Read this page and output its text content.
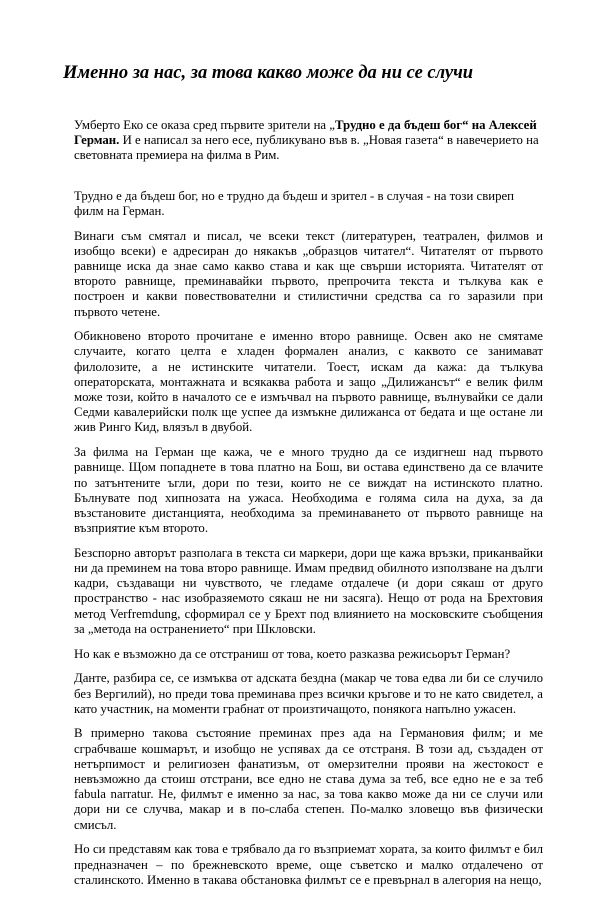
Именно за нас, за това какво може да ни се случи

Умберто Еко се оказа сред първите зрители на „Трудно е да бъдеш бог“ на Алексей Герман. И е написал за него есе, публикувано във в. „Новая газета“ в навечерието на световната премиера на филма в Рим.

Трудно е да бъдеш бог, но е трудно да бъдеш и зрител - в случая - на този свиреп филм на Герман.

Винаги съм смятал и писал, че всеки текст (литературен, театрален, филмов и изобщо всеки) е адресиран до някакъв „образцов читател“. Читателят от първото равнище иска да знае само какво става и как ще свърши историята. Читателят от второто равнище, преминавайки първото, препрочита текста и тълкува как е построен и какви повествователни и стилистични средства са го заразили при първото четене.

Обикновено второто прочитане е именно второ равнище. Освен ако не смятаме случаите, когато целта е хладен формален анализ, с каквото се занимават филолозите, а не истинските читатели. Тоест, искам да кажа: да тълкува операторската, монтажната и всякаква работа и защо „Дилижансът“ е велик филм може този, който в началото се е измъчвал на първото равнище, вълнувайки се дали Седми кавалерийски полк ще успее да измъкне дилижанса от бедата и ще остане ли жив Ринго Кид, влязъл в двубой.

За филма на Герман ще кажа, че е много трудно да се издигнеш над първото равнище. Щом попаднете в това платно на Бош, ви остава единствено да се влачите по затънтените ъгли, дори по тези, които не се виждат на истинското платно. Бълнувате под хипнозата на ужаса. Необходима е голяма сила на духа, за да възстановите дистанцията, необходима за преминаването от първото равнище на възприятие към второто.

Безспорно авторът разполага в текста си маркери, дори ще кажа връзки, приканвайки ни да преминем на това второ равнище. Имам предвид обилното използване на дълги кадри, създаващи ни чувството, че гледаме отдалече (и дори сякаш от друго пространство - нас изобразяемото сякаш не ни засяга). Нещо от рода на Брехтовия метод Verfremdung, сформирал се у Брехт под влиянието на московските съобщения за „метода на остранението“ при Шкловски.

Но как е възможно да се отстраниш от това, което разказва режисьорът Герман?

Данте, разбира се, се измъква от адската бездна (макар че това едва ли би се случило без Вергилий), но преди това преминава през всички кръгове и то не като свидетел, а като участник, на моменти грабнат от произтичащото, понякога напълно ужасен.

В примерно такова състояние преминах през ада на Германовия филм; и ме сграбчваше кошмарът, и изобщо не успявах да се отстраня. В този ад, създаден от нетърпимост и религиозен фанатизъм, от омерзителни прояви на жестокост е невъзможно да стоиш отстрани, все едно не става дума за теб, все едно не е за теб fabula narratur. Не, филмът е именно за нас, за това какво може да ни се случи или дори ни се случва, макар и в по-слаба степен. По-малко зловещо във физически смисъл.

Но си представям как това е трябвало да го възприемат хората, за които филмът е бил предназначен – по брежневското време, още съветско и малко отдалечено от сталинското. Именно в такава обстановка филмът се е превърнал в алегория на нещо,
